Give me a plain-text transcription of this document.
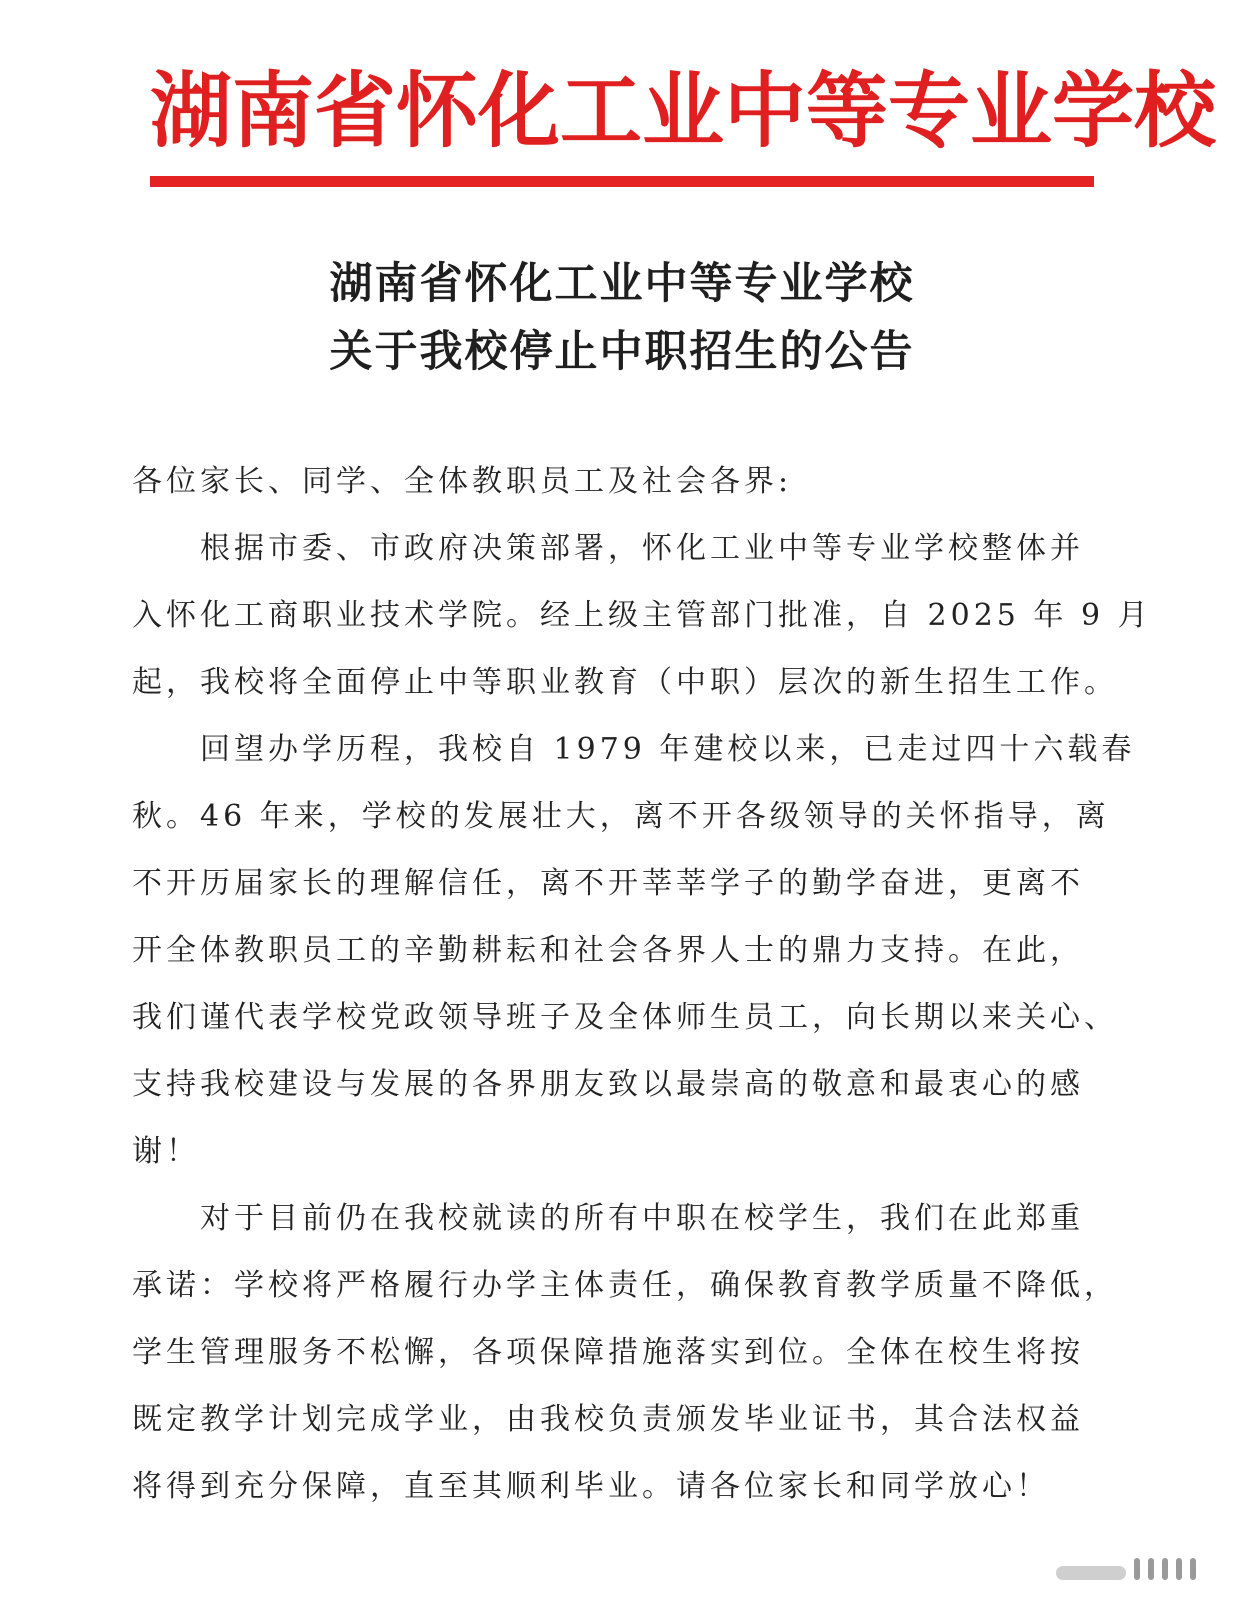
湖南省怀化工业中等专业学校
湖南省怀化工业中等专业学校
关于我校停止中职招生的公告
各位家长、同学、全体教职员工及社会各界:
　　根据市委、市政府决策部署，怀化工业中等专业学校整体并
入怀化工商职业技术学院。经上级主管部门批准，自 2025 年 9 月
起，我校将全面停止中等职业教育（中职）层次的新生招生工作。
　　回望办学历程，我校自 1979 年建校以来，已走过四十六载春
秋。46 年来，学校的发展壮大，离不开各级领导的关怀指导，离
不开历届家长的理解信任，离不开莘莘学子的勤学奋进，更离不
开全体教职员工的辛勤耕耘和社会各界人士的鼎力支持。在此，
我们谨代表学校党政领导班子及全体师生员工，向长期以来关心、
支持我校建设与发展的各界朋友致以最崇高的敬意和最衷心的感
谢！
　　对于目前仍在我校就读的所有中职在校学生，我们在此郑重
承诺：学校将严格履行办学主体责任，确保教育教学质量不降低，
学生管理服务不松懈，各项保障措施落实到位。全体在校生将按
既定教学计划完成学业，由我校负责颁发毕业证书，其合法权益
将得到充分保障，直至其顺利毕业。请各位家长和同学放心！
